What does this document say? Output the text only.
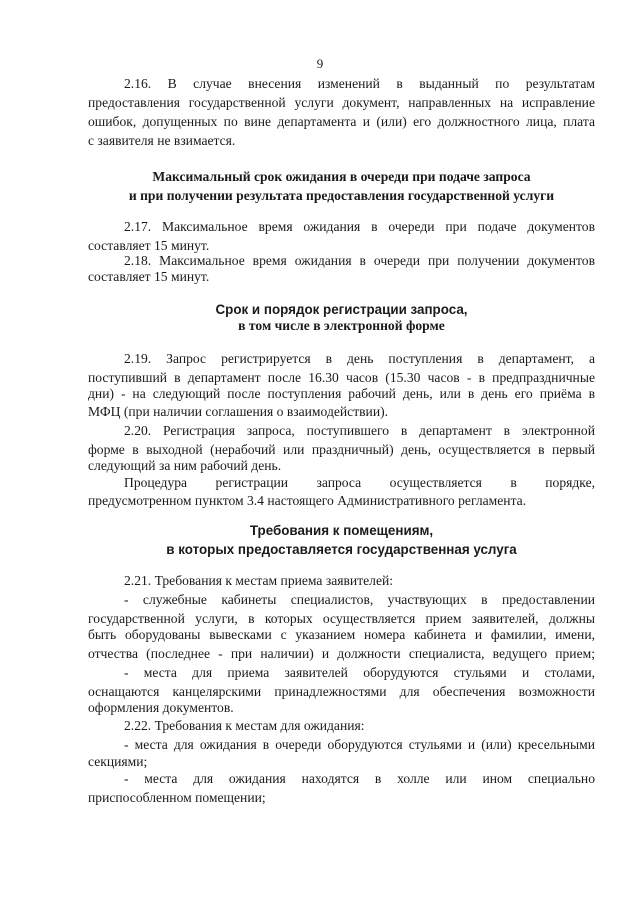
9
2.16. В случае внесения изменений в выданный по результатам
предоставления государственной услуги документ, направленных на исправление
ошибок, допущенных по вине департамента и (или) его должностного лица, плата
с заявителя не взимается.
Максимальный срок ожидания в очереди при подаче запроса
и при получении результата предоставления государственной услуги
2.17. Максимальное время ожидания в очереди при подаче документов
составляет 15 минут.
2.18. Максимальное время ожидания в очереди при получении документов
составляет 15 минут.
Срок и порядок регистрации запроса,
в том числе в электронной форме
2.19. Запрос регистрируется в день поступления в департамент, а
поступивший в департамент после 16.30 часов (15.30 часов - в предпраздничные
дни) - на следующий после поступления рабочий день, или в день его приёма в
МФЦ (при наличии соглашения о взаимодействии).
2.20. Регистрация запроса, поступившего в департамент в электронной
форме в выходной (нерабочий или праздничный) день, осуществляется в первый
следующий за ним рабочий день.
Процедура регистрации запроса осуществляется в порядке,
предусмотренном пунктом 3.4 настоящего Административного регламента.
Требования к помещениям,
в которых предоставляется государственная услуга
2.21. Требования к местам приема заявителей:
- служебные кабинеты специалистов, участвующих в предоставлении
государственной услуги, в которых осуществляется прием заявителей, должны
быть оборудованы вывесками с указанием номера кабинета и фамилии, имени,
отчества (последнее - при наличии) и должности специалиста, ведущего прием;
- места для приема заявителей оборудуются стульями и столами,
оснащаются канцелярскими принадлежностями для обеспечения возможности
оформления документов.
2.22. Требования к местам для ожидания:
- места для ожидания в очереди оборудуются стульями и (или) кресельными
секциями;
- места для ожидания находятся в холле или ином специально
приспособленном помещении;
